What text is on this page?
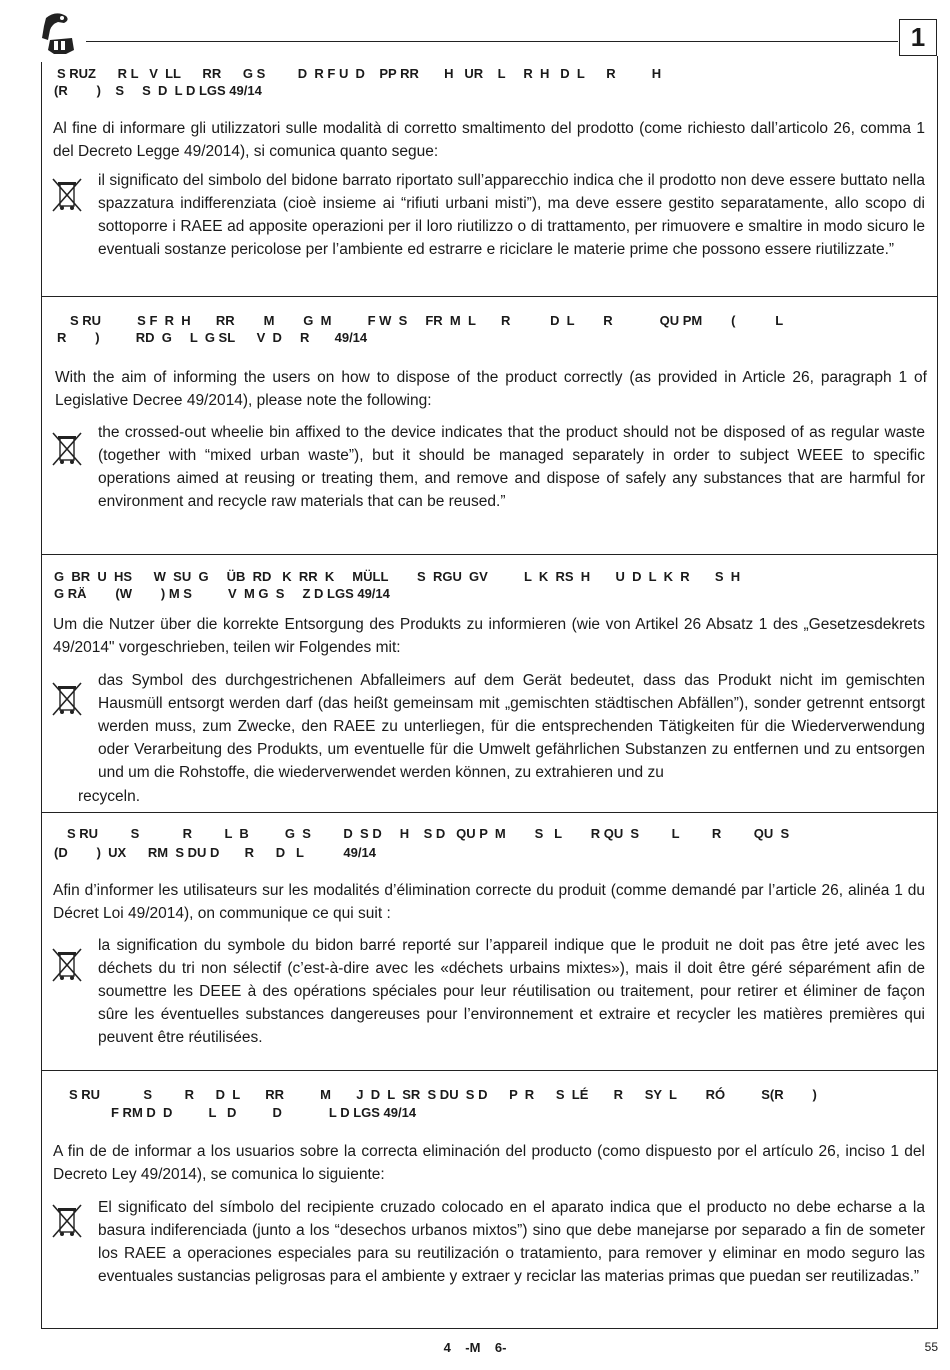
1
S RUZ      R L   V  LL      RR      G S         D  R F U  D    PP RR       H   UR    L     R  H   D  L      R          H
(R        )    S     S  D  L D LGS 49/14
Al fine di informare gli utilizzatori sulle modalità di corretto smaltimento del prodotto (come richiesto dall’articolo 26, comma 1 del Decreto Legge 49/2014), si comunica quanto segue:
il significato del simbolo del bidone barrato riportato sull’apparecchio indica che il prodotto non deve essere buttato nella spazzatura indifferenziata (cioè insieme ai “rifiuti urbani misti”), ma deve essere gestito separatamente, allo scopo di sottoporre i RAEE ad apposite operazioni per il loro riutilizzo o di trattamento, per rimuovere e smaltire in modo sicuro le eventuali sostanze pericolose per l’ambiente ed estrarre e riciclare le materie prime che possono essere riutilizzate.”
S RU          S F  R  H       RR        M        G  M          F W  S     FR  M  L       R           D  L        R             QU PM        (           L
R        )          RD  G     L  G SL      V  D     R       49/14
With the aim of informing the users on how to dispose of the product correctly (as provided in Article 26, paragraph 1 of Legislative Decree 49/2014), please note the following:
the crossed-out wheelie bin affixed to the device indicates that the product should not be disposed of as regular waste (together with “mixed urban waste”), but it should be managed separately in order to subject WEEE to specific operations aimed at reusing or treating them, and remove and dispose of safely any substances that are harmful for environment and recycle raw materials that can be reused.”
G  BR  U  HS      W  SU  G     ÜB  RD   K  RR  K     MÜLL        S  RGU  GV          L  K  RS  H       U  D  L  K  R       S  H
G RÄ        (W        ) M S          V  M G  S     Z D LGS 49/14
Um die Nutzer über die korrekte Entsorgung des Produkts zu informieren (wie von Artikel 26 Absatz 1 des „Gesetzesdekrets 49/2014" vorgeschrieben, teilen wir Folgendes mit:
das Symbol des durchgestrichenen Abfalleimers auf dem Gerät bedeutet, dass das Produkt nicht im gemischten Hausmüll entsorgt werden darf (das heißt gemeinsam mit „gemischten städtischen Abfällen”), sonder getrennt entsorgt werden muss, zum Zwecke, den RAEE zu unterliegen, für die entsprechenden Tätigkeiten für die Wiederverwendung oder Verarbeitung des Produkts, um eventuelle für die Umwelt gefährlichen Substanzen zu entfernen und zu entsorgen und um die Rohstoffe, die wiederverwendet werden können, zu extrahieren und zu
recyceln.
S RU         S            R         L  B          G  S         D  S D     H    S D   QU P  M        S   L        R QU  S         L         R         QU  S
(D        )  UX      RM  S DU D       R      D   L           49/14
Afin d’informer les utilisateurs sur les modalités d’élimination correcte du produit (comme demandé par l’article 26, alinéa 1 du Décret Loi 49/2014), on communique ce qui suit :
la signification du symbole du bidon barré reporté sur l’appareil indique que le produit ne doit pas être jeté avec les déchets du tri non sélectif (c’est-à-dire avec les «déchets urbains mixtes»), mais il doit être géré séparément afin de soumettre les DEEE à des opérations spéciales pour leur réutilisation ou traitement, pour retirer et éliminer de façon sûre les éventuelles substances dangereuses pour l’environnement et extraire et recycler les matières premières qui peuvent être réutilisées.
S RU            S         R      D  L       RR          M       J  D  L  SR  S DU  S D      P  R      S  LÉ       R      SY  L        RÓ          S(R        )
F RM D  D          L   D          D             L D LGS 49/14
A fin de de informar a los usuarios sobre la correcta eliminación del producto (como dispuesto por el artículo 26, inciso 1 del Decreto Ley 49/2014), se comunica lo siguiente:
El significato del símbolo del recipiente cruzado colocado en el aparato indica que el producto no debe echarse a la basura indiferenciada (junto a los “desechos urbanos mixtos”) sino que debe manejarse por separado a fin de someter los RAEE a operaciones especiales para su reutilización o tratamiento, para remover y eliminar en modo seguro las eventuales sustancias peligrosas para el ambiente y extraer y reciclar las materias primas que puedan ser reutilizadas.”
4    -M    6-	55
